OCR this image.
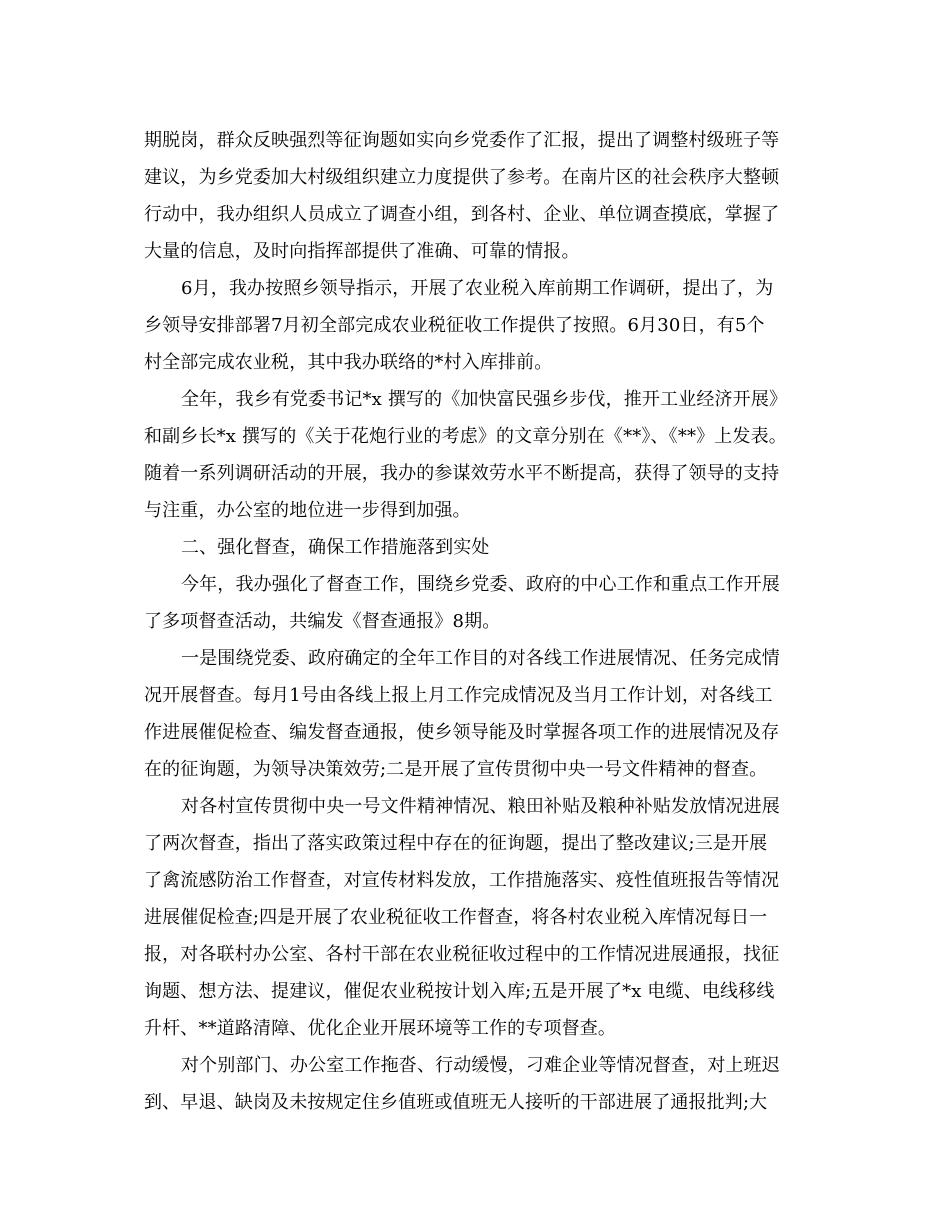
期脱岗，群众反映强烈等征询题如实向乡党委作了汇报，提出了调整村级班子等
建议，为乡党委加大村级组织建立力度提供了参考。在南片区的社会秩序大整顿
行动中，我办组织人员成立了调查小组，到各村、企业、单位调查摸底，掌握了
大量的信息，及时向指挥部提供了准确、可靠的情报。
6月，我办按照乡领导指示，开展了农业税入库前期工作调研，提出了，为
乡领导安排部署7月初全部完成农业税征收工作提供了按照。6月30日，有5个
村全部完成农业税，其中我办联络的*村入库排前。
全年，我乡有党委书记*x 撰写的《加快富民强乡步伐，推开工业经济开展》
和副乡长*x 撰写的《关于花炮行业的考虑》的文章分别在《**》、《**》上发表。
随着一系列调研活动的开展，我办的参谋效劳水平不断提高，获得了领导的支持
与注重，办公室的地位进一步得到加强。
二、强化督查，确保工作措施落到实处
今年，我办强化了督查工作，围绕乡党委、政府的中心工作和重点工作开展
了多项督查活动，共编发《督查通报》8期。
一是围绕党委、政府确定的全年工作目的对各线工作进展情况、任务完成情
况开展督查。每月1号由各线上报上月工作完成情况及当月工作计划，对各线工
作进展催促检查、编发督查通报，使乡领导能及时掌握各项工作的进展情况及存
在的征询题，为领导决策效劳;二是开展了宣传贯彻中央一号文件精神的督查。
对各村宣传贯彻中央一号文件精神情况、粮田补贴及粮种补贴发放情况进展
了两次督查，指出了落实政策过程中存在的征询题，提出了整改建议;三是开展
了禽流感防治工作督查，对宣传材料发放，工作措施落实、疫性值班报告等情况
进展催促检查;四是开展了农业税征收工作督查，将各村农业税入库情况每日一
报，对各联村办公室、各村干部在农业税征收过程中的工作情况进展通报，找征
询题、想方法、提建议，催促农业税按计划入库;五是开展了*x 电缆、电线移线
升杆、**道路清障、优化企业开展环境等工作的专项督查。
对个别部门、办公室工作拖沓、行动缓慢，刁难企业等情况督查，对上班迟
到、早退、缺岗及未按规定住乡值班或值班无人接听的干部进展了通报批判;大
